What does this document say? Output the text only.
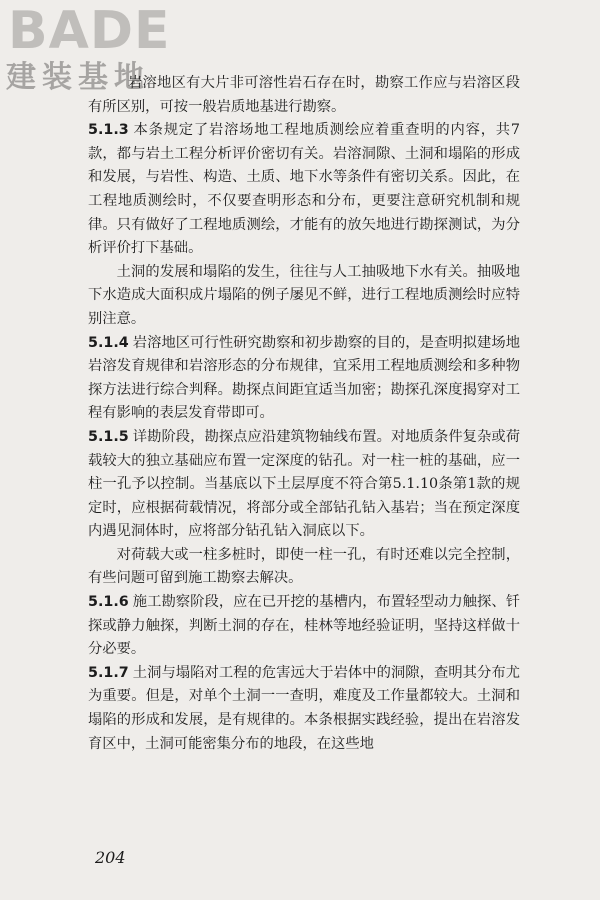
BADE
建装基地

岩溶地区有大片非可溶性岩石存在时，勘察工作应与岩溶区段有所区别，可按一般岩质地基进行勘察。

5.1.3 本条规定了岩溶场地工程地质测绘应着重查明的内容，共7款，都与岩土工程分析评价密切有关。岩溶洞隙、土洞和塌陷的形成和发展，与岩性、构造、土质、地下水等条件有密切关系。因此，在工程地质测绘时，不仅要查明形态和分布，更要注意研究机制和规律。只有做好了工程地质测绘，才能有的放矢地进行勘探测试，为分析评价打下基础。

土洞的发展和塌陷的发生，往往与人工抽吸地下水有关。抽吸地下水造成大面积成片塌陷的例子屡见不鲜，进行工程地质测绘时应特别注意。

5.1.4 岩溶地区可行性研究勘察和初步勘察的目的，是查明拟建场地岩溶发育规律和岩溶形态的分布规律，宜采用工程地质测绘和多种物探方法进行综合判释。勘探点间距宜适当加密；勘探孔深度揭穿对工程有影响的表层发育带即可。

5.1.5 详勘阶段，勘探点应沿建筑物轴线布置。对地质条件复杂或荷载较大的独立基础应布置一定深度的钻孔。对一柱一桩的基础，应一柱一孔予以控制。当基底以下土层厚度不符合第5.1.10条第1款的规定时，应根据荷载情况，将部分或全部钻孔钻入基岩；当在预定深度内遇见洞体时，应将部分钻孔钻入洞底以下。

对荷载大或一柱多桩时，即使一柱一孔，有时还难以完全控制，有些问题可留到施工勘察去解决。

5.1.6 施工勘察阶段，应在已开挖的基槽内，布置轻型动力触探、钎探或静力触探，判断土洞的存在，桂林等地经验证明，坚持这样做十分必要。

5.1.7 土洞与塌陷对工程的危害远大于岩体中的洞隙，查明其分布尤为重要。但是，对单个土洞一一查明，难度及工作量都较大。土洞和塌陷的形成和发展，是有规律的。本条根据实践经验，提出在岩溶发育区中，土洞可能密集分布的地段，在这些地

204
